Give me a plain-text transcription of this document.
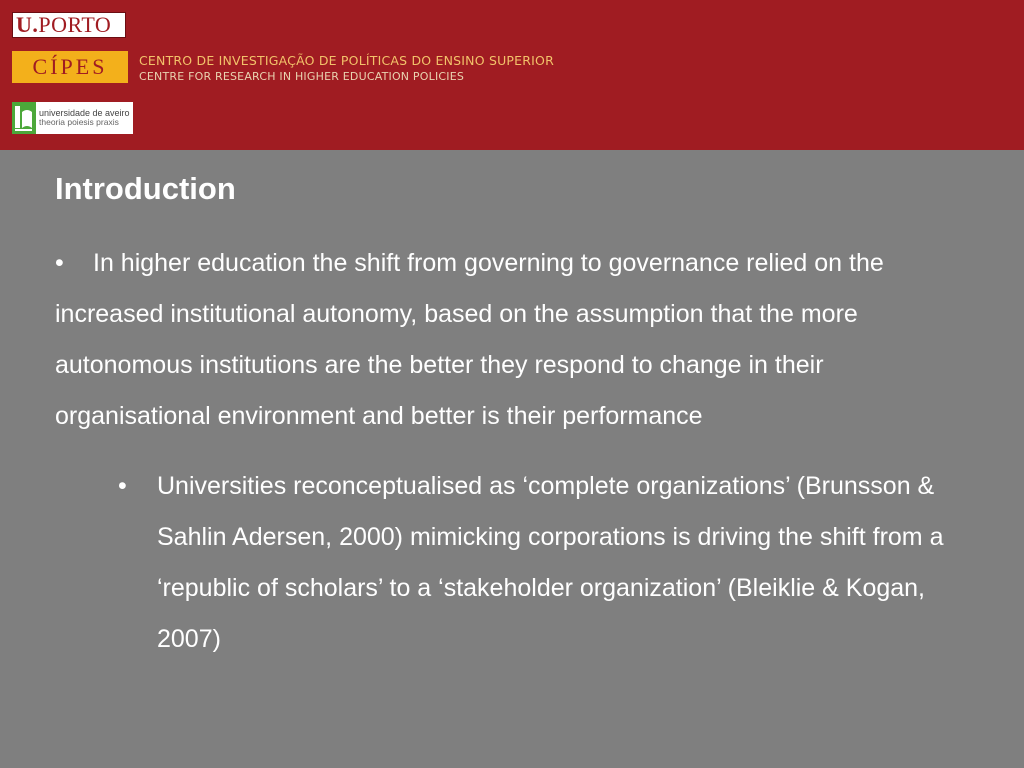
U. PORTO
CÍPES	CENTRO DE INVESTIGAÇÃO DE POLÍTICAS DO ENSINO SUPERIOR
CENTRE FOR RESEARCH IN HIGHER EDUCATION POLICIES
universidade de aveiro
theoria poiesis praxis
Introduction
• In higher education the shift from governing to governance relied on the increased institutional autonomy, based on the assumption that the more autonomous institutions are the better they respond to change in their organisational environment and better is their performance
•	Universities reconceptualised as ‘complete organizations’ (Brunsson & Sahlin Adersen, 2000) mimicking corporations is driving the shift from a ‘republic of scholars’ to a ‘stakeholder organization’ (Bleiklie & Kogan, 2007)
